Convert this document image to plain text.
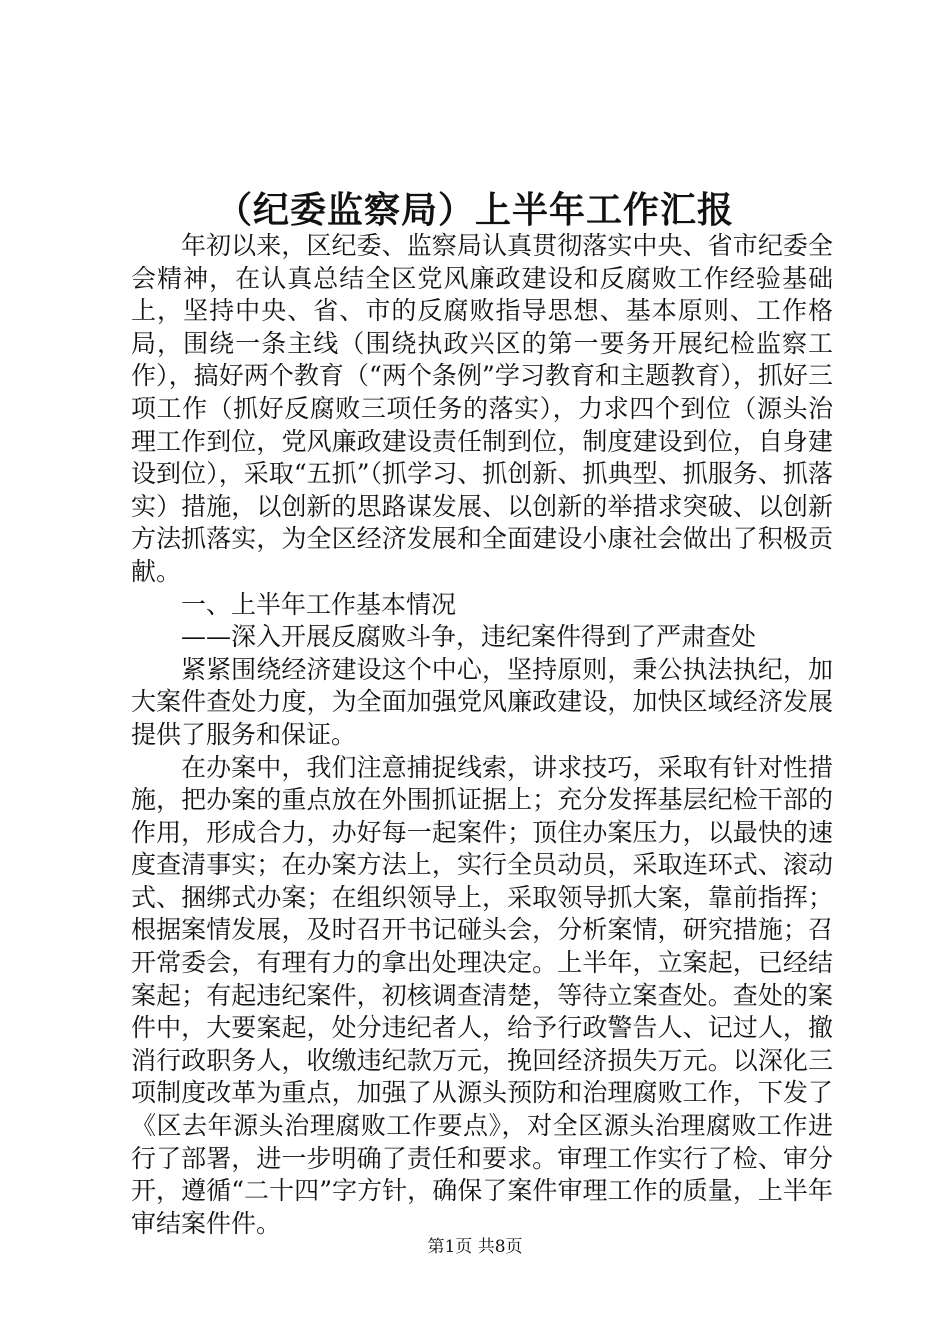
（纪委监察局）上半年工作汇报

年初以来，区纪委、监察局认真贯彻落实中央、省市纪委全会精神，在认真总结全区党风廉政建设和反腐败工作经验基础上，坚持中央、省、市的反腐败指导思想、基本原则、工作格局，围绕一条主线（围绕执政兴区的第一要务开展纪检监察工作），搞好两个教育（“两个条例”学习教育和主题教育），抓好三项工作（抓好反腐败三项任务的落实），力求四个到位（源头治理工作到位，党风廉政建设责任制到位，制度建设到位，自身建设到位），采取“五抓”（抓学习、抓创新、抓典型、抓服务、抓落实）措施，以创新的思路谋发展、以创新的举措求突破、以创新方法抓落实，为全区经济发展和全面建设小康社会做出了积极贡献。

一、上半年工作基本情况

——深入开展反腐败斗争，违纪案件得到了严肃查处

紧紧围绕经济建设这个中心，坚持原则，秉公执法执纪，加大案件查处力度，为全面加强党风廉政建设，加快区域经济发展提供了服务和保证。

在办案中，我们注意捕捉线索，讲求技巧，采取有针对性措施，把办案的重点放在外围抓证据上；充分发挥基层纪检干部的作用，形成合力，办好每一起案件；顶住办案压力，以最快的速度查清事实；在办案方法上，实行全员动员，采取连环式、滚动式、捆绑式办案；在组织领导上，采取领导抓大案，靠前指挥；根据案情发展，及时召开书记碰头会，分析案情，研究措施；召开常委会，有理有力的拿出处理决定。上半年，立案起，已经结案起；有起违纪案件，初核调查清楚，等待立案查处。查处的案件中，大要案起，处分违纪者人，给予行政警告人、记过人，撤消行政职务人，收缴违纪款万元，挽回经济损失万元。以深化三项制度改革为重点，加强了从源头预防和治理腐败工作，下发了《区去年源头治理腐败工作要点》，对全区源头治理腐败工作进行了部署，进一步明确了责任和要求。审理工作实行了检、审分开，遵循“二十四”字方针，确保了案件审理工作的质量，上半年审结案件件。

第1页 共8页
